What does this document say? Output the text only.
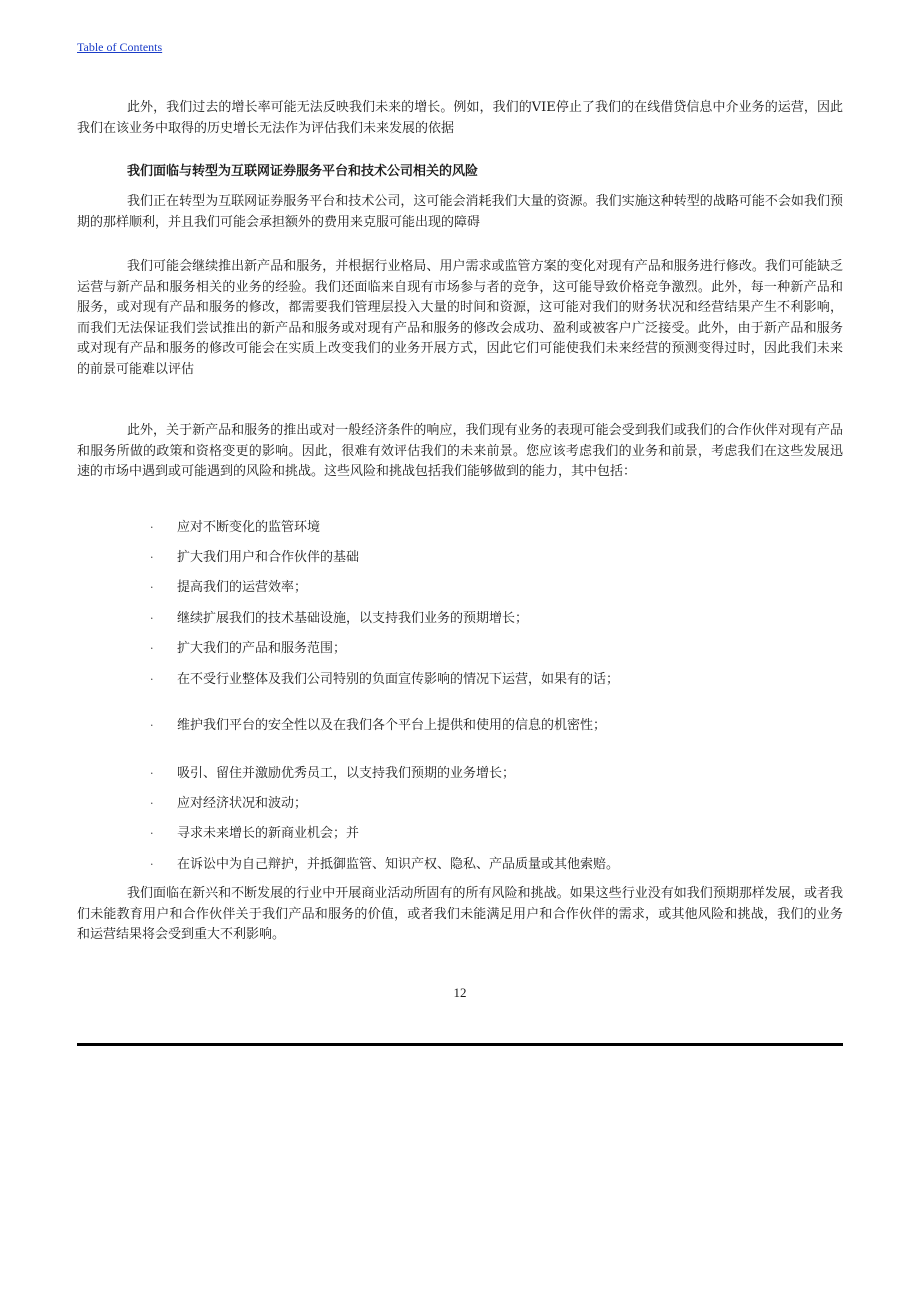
Table of Contents
此外，我们过去的增长率可能无法反映我们未来的增长。例如，我们的VIE停止了我们的在线借贷信息中介业务的运营，因此我们在该业务中取得的历史增长无法作为评估我们未来发展的依据
我们面临与转型为互联网证券服务平台和技术公司相关的风险
我们正在转型为互联网证券服务平台和技术公司，这可能会消耗我们大量的资源。我们实施这种转型的战略可能不会如我们预期的那样顺利，并且我们可能会承担额外的费用来克服可能出现的障碍
我们可能会继续推出新产品和服务，并根据行业格局、用户需求或监管方案的变化对现有产品和服务进行修改。我们可能缺乏运营与新产品和服务相关的业务的经验。我们还面临来自现有市场参与者的竞争，这可能导致价格竞争激烈。此外，每一种新产品和服务，或对现有产品和服务的修改，都需要我们管理层投入大量的时间和资源，这可能对我们的财务状况和经营结果产生不利影响，而我们无法保证我们尝试推出的新产品和服务或对现有产品和服务的修改会成功、盈利或被客户广泛接受。此外，由于新产品和服务或对现有产品和服务的修改可能会在实质上改变我们的业务开展方式，因此它们可能使我们未来经营的预测变得过时，因此我们未来的前景可能难以评估
此外，关于新产品和服务的推出或对一般经济条件的响应，我们现有业务的表现可能会受到我们或我们的合作伙伴对现有产品和服务所做的政策和资格变更的影响。因此，很难有效评估我们的未来前景。您应该考虑我们的业务和前景，考虑我们在这些发展迅速的市场中遇到或可能遇到的风险和挑战。这些风险和挑战包括我们能够做到的能力，其中包括：
· 应对不断变化的监管环境
· 扩大我们用户和合作伙伴的基础
· 提高我们的运营效率；
· 继续扩展我们的技术基础设施，以支持我们业务的预期增长；
· 扩大我们的产品和服务范围；
· 在不受行业整体及我们公司特别的负面宣传影响的情况下运营，如果有的话；
· 维护我们平台的安全性以及在我们各个平台上提供和使用的信息的机密性；
· 吸引、留住并激励优秀员工，以支持我们预期的业务增长；
· 应对经济状况和波动；
· 寻求未来增长的新商业机会；并
· 在诉讼中为自己辩护，并抵御监管、知识产权、隐私、产品质量或其他索赔。
我们面临在新兴和不断发展的行业中开展商业活动所固有的所有风险和挑战。如果这些行业没有如我们预期那样发展，或者我们未能教育用户和合作伙伴关于我们产品和服务的价值，或者我们未能满足用户和合作伙伴的需求，或其他风险和挑战，我们的业务和运营结果将会受到重大不利影响。
12
